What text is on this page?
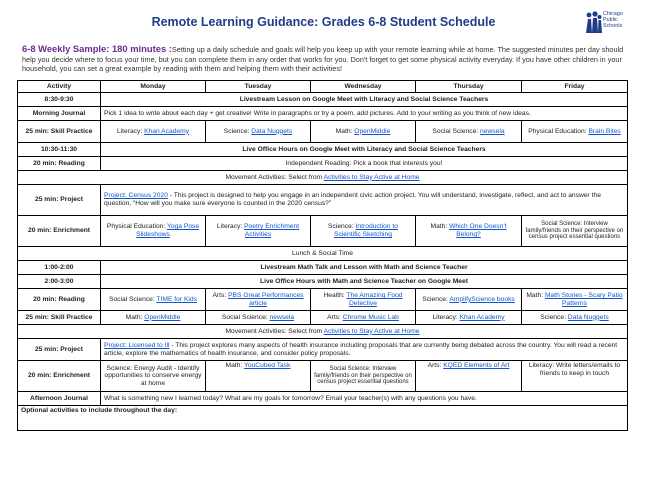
Remote Learning Guidance: Grades 6-8 Student Schedule
Chicago
Public
Schools
6-8 Weekly Sample: 180 minutes :Setting up a daily schedule and goals will help you keep up with your remote learning while at home. The suggested minutes per day should help you decide where to focus your time, but you can complete them in any order that works for you. Don't forget to get some physical activity everyday. If you have other children in your household, you can set a great example by reading with them and helping them with their activities!
Activity	Monday	Tuesday	Wednesday	Thursday	Friday
8:30-9:30	Livestream Lesson on Google Meet with Literacy and Social Science Teachers				
Morning Journal	Pick 1 idea to write about each day + get creative! Write in paragraphs or try a poem, add pictures. Add to your writing as you think of new ideas.				
25 min: Skill Practice	Literacy: Khan Academy	Science: Data Nuggets	Math: OpenMiddle	Social Science: newsela	Physical Education: Brain Bites
10:30-11:30	Live Office Hours on Google Meet with Literacy and Social Science Teachers				
20 min: Reading	Independent Reading: Pick a book that interests you!				
Movement Activities: Select from Activities to Stay Active at Home					
25 min: Project	Project: Census 2020 - This project is designed to help you engage in an independent civic action project. You will understand, investigate, reflect, and act to answer the question, “How will you make sure everyone is counted in the 2020 census?”				
20 min: Enrichment	Physical Education: Yoga Pose Slideshows	Literacy: Poetry Enrichment Activities	Science: Introduction to Scientific Sketching	Math: Which One Doesn't Belong?	Social Science: Interview family/friends on their perspective on census project essential questions
Lunch & Social Time					
1:00-2:00	Livestream Math Talk and Lesson with Math and Science Teacher				
2:00-3:00	Live Office Hours with Math and Science Teacher on Google Meet				
20 min: Reading	Social Science: TIME for Kids	Arts: PBS Great Performances article	Health: The Amazing Food Detective	Science: AmplifyScience books	Math: Math Stories - Scary Patio Patterns
25 min: Skill Practice	Math: OpenMiddle	Social Science: newsela	Arts: Chrome Music Lab	Literacy: Khan Academy	Science: Data Nuggets
Movement Activities: Select from Activities to Stay Active at Home					
25 min: Project	Project: Licensed to Ill - This project explores many aspects of health insurance including proposals that are currently being debated across the country. You will read a recent article, explore the mathematics of health insurance, and consider policy proposals.				
20 min: Enrichment	Science: Energy Audit - Identify opportunities to conserve energy at home	Math: YouCubed Task	Social Science: Interview family/friends on their perspective on census project essential questions	Arts: KQED Elements of Art	Literacy: Write letters/emails to friends to keep in touch
Afternoon Journal	What is something new I learned today? What are my goals for tomorrow? Email your teacher(s) with any questions you have.				
Optional activities to include throughout the day:					
